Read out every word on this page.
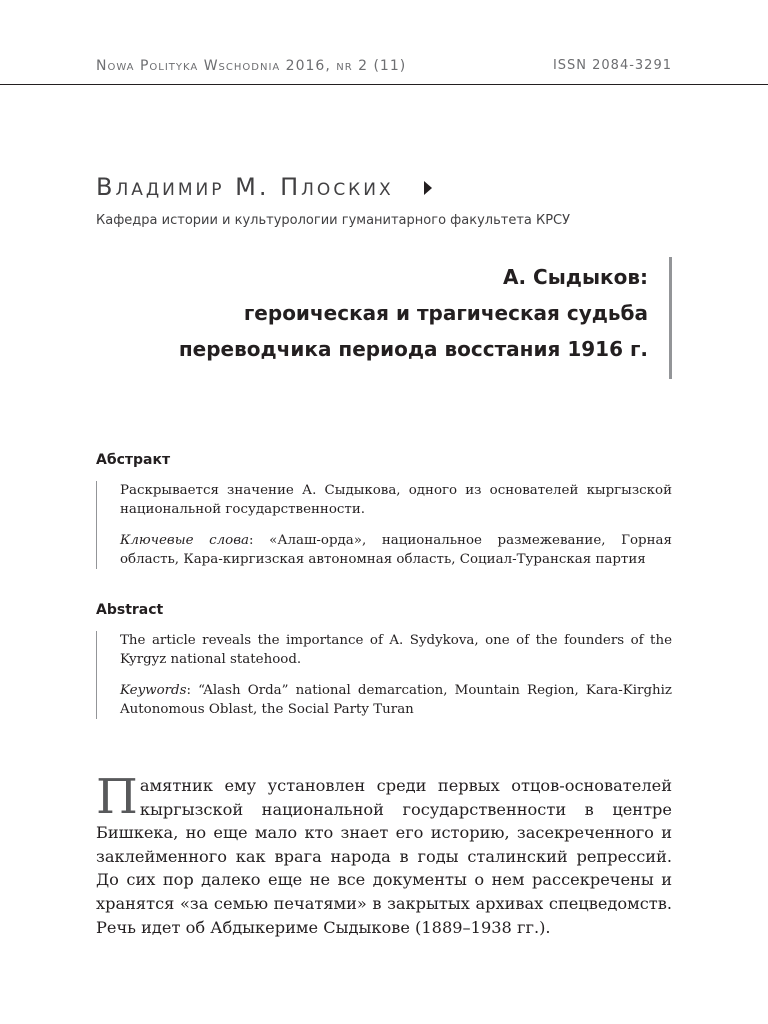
Nowa Polityka Wschodnia 2016, nr 2 (11)	ISSN 2084-3291
Владимир М. Плоских
Кафедра истории и культурологии гуманитарного факультета КРСУ
А. Сыдыков:
героическая и трагическая судьба
переводчика периода восстания 1916 г.
Абстракт

Раскрывается значение А. Сыдыкова, одного из основателей кыргызской национальной государственности.

Ключевые слова: «Алаш-орда», национальное размежевание, Горная область, Кара-киргизская автономная область, Социал-Туранская партия

Abstract

The article reveals the importance of A. Sydykova, one of the founders of the Kyrgyz national statehood.

Keywords: “Alash Orda” national demarcation, Mountain Region, Kara-Kirghiz Autonomous Oblast, the Social Party Turan

Памятник ему установлен среди первых отцов-основателей кыргызской национальной государственности в центре Бишкека, но еще мало кто знает его историю, засекреченного и заклейменного как врага народа в годы сталинский репрессий. До сих пор далеко еще не все документы о нем рассекречены и хранятся «за семью печатями» в закрытых архивах спецведомств. Речь идет об Абдыкериме Сыдыкове (1889–1938 гг.).
